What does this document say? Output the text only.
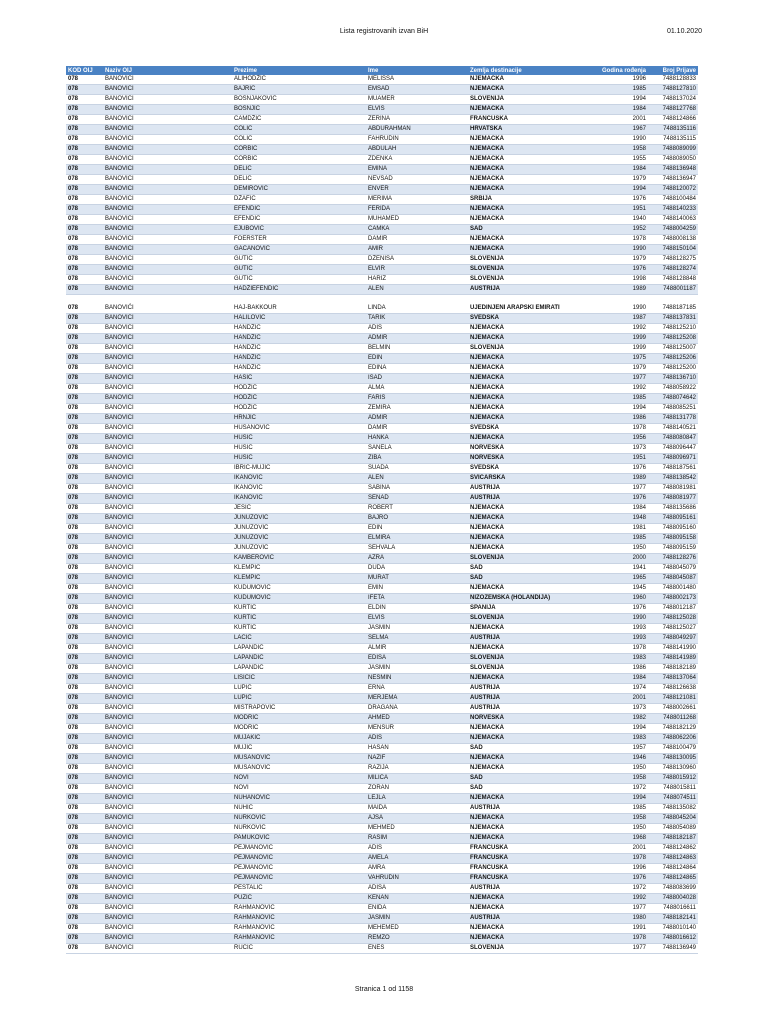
Lista registrovanih izvan BiH	01.10.2020
KOD OIJ	Naziv OIJ	Prezime	Ime	Zemlja destinacije	Godina rođenja	Broj Prijave
078	BANOVIĆI	ALIHODŽIĆ	MELISSA	NJEMAČKA	1996	7488128833
078	BANOVIĆI	BAJRIĆ	EMSAD	NJEMAČKA	1985	7488127810
078	BANOVIĆI	BOŠNJAKOVIĆ	MUAMER	SLOVENIJA	1994	7488137024
078	BANOVIĆI	BOŠNJIĆ	ELVIS	NJEMAČKA	1984	7488127768
078	BANOVIĆI	ĆAMDŽIĆ	ZERINA	FRANCUSKA	2001	7488124866
078	BANOVIĆI	ČOLIĆ	ABDURAHMAN	HRVATSKA	1967	7488135116
078	BANOVIĆI	ČOLIĆ	FAHRUDIN	NJEMAČKA	1990	7488135115
078	BANOVIĆI	ČORBIĆ	ABDULAH	NJEMAČKA	1958	7488089099
078	BANOVIĆI	ČORBIĆ	ZDENKA	NJEMAČKA	1955	7488089050
078	BANOVIĆI	DELIĆ	EMINA	NJEMAČKA	1984	7488136948
078	BANOVIĆI	DELIĆ	NEVSAD	NJEMAČKA	1979	7488136947
078	BANOVIĆI	DEMIROVIĆ	ENVER	NJEMAČKA	1994	7488120072
078	BANOVIĆI	DŽAFIĆ	MERIMA	SRBIJA	1976	7488100484
078	BANOVIĆI	EFENDIĆ	FERIDA	NJEMAČKA	1951	7488140233
078	BANOVIĆI	EFENDIĆ	MUHAMED	NJEMAČKA	1940	7488140063
078	BANOVIĆI	EJUBOVIĆ	ĆAMKA	SAD	1952	7488004259
078	BANOVIĆI	FOERSTER	DAMIR	NJEMAČKA	1978	7488008138
078	BANOVIĆI	GAČANOVIĆ	AMIR	NJEMAČKA	1990	7488150104
078	BANOVIĆI	GUTIĆ	DŽENISA	SLOVENIJA	1979	7488128275
078	BANOVIĆI	GUTIĆ	ELVIR	SLOVENIJA	1976	7488128274
078	BANOVIĆI	GUTIĆ	HARIZ	SLOVENIJA	1998	7488128848
078	BANOVIĆI	HADŽIEFENDIĆ	ALEN	AUSTRIJA	1989	7488001187
078	BANOVIĆI	HAJ-BAKKOUR	LINDA	UJEDINJENI ARAPSKI EMIRATI	1990	7488187185
078	BANOVIĆI	HALILOVIĆ	TARIK	ŠVEDSKA	1987	7488137831
078	BANOVIĆI	HANDŽIĆ	ADIS	NJEMAČKA	1992	7488125210
078	BANOVIĆI	HANDŽIĆ	ADMIR	NJEMAČKA	1999	7488125208
078	BANOVIĆI	HANDŽIĆ	BELMIN	SLOVENIJA	1999	7488125007
078	BANOVIĆI	HANDŽIĆ	EDIN	NJEMAČKA	1975	7488125206
078	BANOVIĆI	HANDŽIĆ	EDINA	NJEMAČKA	1979	7488125200
078	BANOVIĆI	HASIĆ	ISAD	NJEMAČKA	1977	7488136710
078	BANOVIĆI	HODŽIĆ	ALMA	NJEMAČKA	1992	7488058922
078	BANOVIĆI	HODŽIĆ	FARIS	NJEMAČKA	1985	7488074642
078	BANOVIĆI	HODŽIĆ	ZEMIRA	NJEMAČKA	1994	7488085251
078	BANOVIĆI	HRNJIĆ	ADMIR	NJEMAČKA	1986	7488131778
078	BANOVIĆI	HUSANOVIĆ	DAMIR	ŠVEDSKA	1978	7488140521
078	BANOVIĆI	HUSIĆ	HANKA	NJEMAČKA	1956	7488080847
078	BANOVIĆI	HUSIĆ	SANELA	NORVEŠKA	1973	7488096447
078	BANOVIĆI	HUSIĆ	ZIBA	NORVEŠKA	1951	7488096971
078	BANOVIĆI	IBRIĆ-MUJIĆ	SUADA	ŠVEDSKA	1976	7488187561
078	BANOVIĆI	IKANOVIĆ	ALEN	ŠVICARSKA	1989	7488138542
078	BANOVIĆI	IKANOVIĆ	SABINA	AUSTRIJA	1977	7488081981
078	BANOVIĆI	IKANOVIĆ	SENAD	AUSTRIJA	1976	7488081977
078	BANOVIĆI	JEŠIĆ	ROBERT	NJEMAČKA	1984	7488135686
078	BANOVIĆI	JUNUZOVIĆ	BAJRO	NJEMAČKA	1948	7488095161
078	BANOVIĆI	JUNUZOVIĆ	EDIN	NJEMAČKA	1981	7488095160
078	BANOVIĆI	JUNUZOVIĆ	ELMIRA	NJEMAČKA	1985	7488095158
078	BANOVIĆI	JUNUZOVIĆ	ŠEHVALA	NJEMAČKA	1950	7488095159
078	BANOVIĆI	KAMBEROVIĆ	AZRA	SLOVENIJA	2000	7488128276
078	BANOVIĆI	KLEMPIĆ	DUDA	SAD	1941	7488045079
078	BANOVIĆI	KLEMPIĆ	MURAT	SAD	1965	7488045087
078	BANOVIĆI	KUDUMOVIĆ	EMIN	NJEMAČKA	1945	7488001480
078	BANOVIĆI	KUDUMOVIĆ	IFETA	NIZOZEMSKA (HOLANDIJA)	1960	7488002173
078	BANOVIĆI	KURTIĆ	ELDIN	ŠPANIJA	1976	7488012187
078	BANOVIĆI	KURTIĆ	ELVIS	SLOVENIJA	1990	7488125028
078	BANOVIĆI	KURTIĆ	JASMIN	NJEMAČKA	1993	7488125027
078	BANOVIĆI	LAČIĆ	SELMA	AUSTRIJA	1993	7488049297
078	BANOVIĆI	LAPANDIĆ	ALMIR	NJEMAČKA	1978	7488141990
078	BANOVIĆI	LAPANDIĆ	EDISA	SLOVENIJA	1983	7488141989
078	BANOVIĆI	LAPANDIĆ	JASMIN	SLOVENIJA	1986	7488182189
078	BANOVIĆI	LISIČIĆ	NESMIN	NJEMAČKA	1984	7488137064
078	BANOVIĆI	LUPIĆ	ERNA	AUSTRIJA	1974	7488126638
078	BANOVIĆI	LUPIĆ	MERJEMA	AUSTRIJA	2001	7488121081
078	BANOVIĆI	MIŠTRAPOVIĆ	DRAGANA	AUSTRIJA	1973	7488002661
078	BANOVIĆI	MODRIĆ	AHMED	NORVEŠKA	1982	7488011268
078	BANOVIĆI	MODRIĆ	MENSUR	NJEMAČKA	1994	7488182129
078	BANOVIĆI	MUJAKIĆ	ADIS	NJEMAČKA	1983	7488062206
078	BANOVIĆI	MUJIĆ	HASAN	SAD	1957	7488100479
078	BANOVIĆI	MUŠANOVIĆ	NAZIF	NJEMAČKA	1946	7488130095
078	BANOVIĆI	MUŠANOVIĆ	RAZIJA	NJEMAČKA	1950	7488130960
078	BANOVIĆI	NOVI	MILICA	SAD	1958	7488015912
078	BANOVIĆI	NOVI	ZORAN	SAD	1972	7488015811
078	BANOVIĆI	NUHANOVIĆ	LEJLA	NJEMAČKA	1994	7488074511
078	BANOVIĆI	NUHIĆ	MAIDA	AUSTRIJA	1985	7488135082
078	BANOVIĆI	NURKOVIĆ	AJŠA	NJEMAČKA	1958	7488045204
078	BANOVIĆI	NURKOVIĆ	MEHMED	NJEMAČKA	1950	7488054089
078	BANOVIĆI	PAMUKOVIĆ	RASIM	NJEMAČKA	1968	7488182187
078	BANOVIĆI	PEJMANOVIĆ	ADIS	FRANCUSKA	2001	7488124862
078	BANOVIĆI	PEJMANOVIĆ	AMELA	FRANCUSKA	1978	7488124863
078	BANOVIĆI	PEJMANOVIĆ	AMRA	FRANCUSKA	1996	7488124864
078	BANOVIĆI	PEJMANOVIĆ	VAHRUDIN	FRANCUSKA	1976	7488124865
078	BANOVIĆI	PEŠTALIĆ	ADISA	AUSTRIJA	1972	7488083699
078	BANOVIĆI	PUZIĆ	KENAN	NJEMAČKA	1992	7488004028
078	BANOVIĆI	RAHMANOVIĆ	ENIDA	NJEMAČKA	1977	7488016611
078	BANOVIĆI	RAHMANOVIĆ	JASMIN	AUSTRIJA	1980	7488182141
078	BANOVIĆI	RAHMANOVIĆ	MEHEMED	NJEMAČKA	1991	7488010140
078	BANOVIĆI	RAHMANOVIĆ	REMZO	NJEMAČKA	1978	7488016612
078	BANOVIĆI	RUČIĆ	ENES	SLOVENIJA	1977	7488136949
Stranica 1 od 1158
